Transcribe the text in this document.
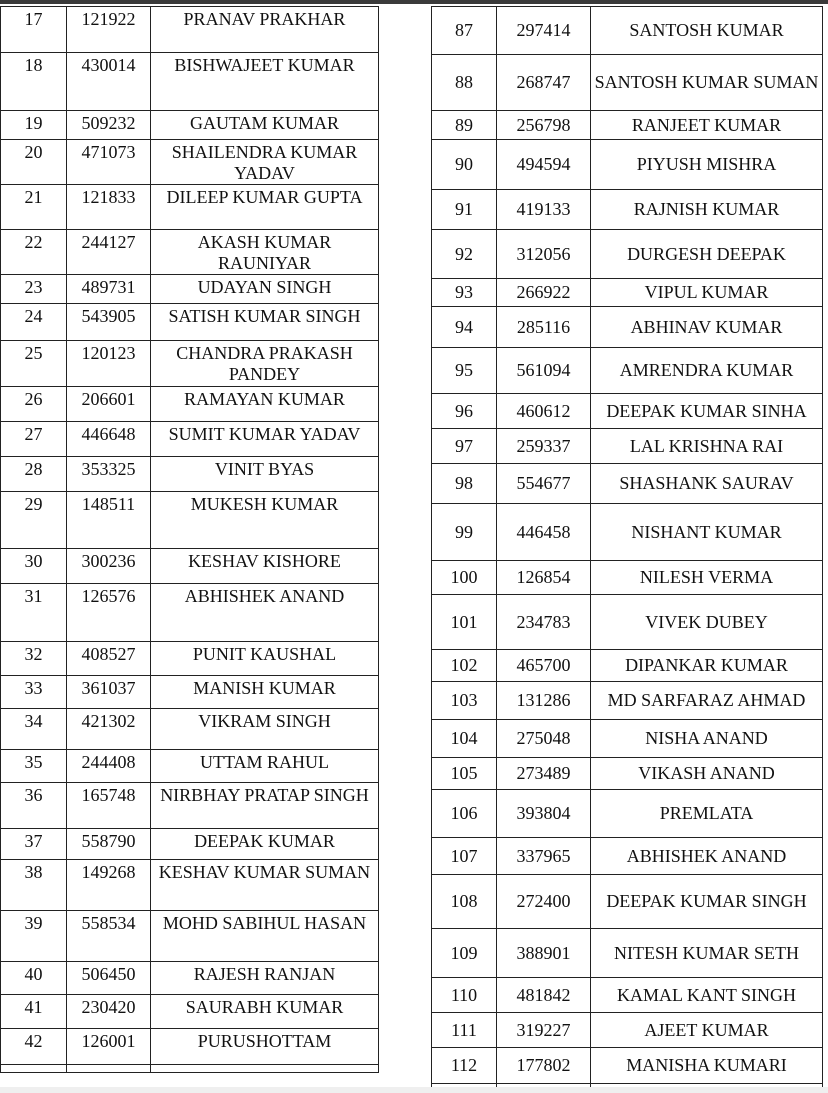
17	121922	PRANAV PRAKHAR
18	430014	BISHWAJEET KUMAR
19	509232	GAUTAM KUMAR
20	471073	SHAILENDRA KUMAR YADAV
21	121833	DILEEP KUMAR GUPTA
22	244127	AKASH KUMAR RAUNIYAR
23	489731	UDAYAN SINGH
24	543905	SATISH KUMAR SINGH
25	120123	CHANDRA PRAKASH PANDEY
26	206601	RAMAYAN KUMAR
27	446648	SUMIT KUMAR YADAV
28	353325	VINIT BYAS
29	148511	MUKESH KUMAR
30	300236	KESHAV KISHORE
31	126576	ABHISHEK ANAND
32	408527	PUNIT KAUSHAL
33	361037	MANISH KUMAR
34	421302	VIKRAM SINGH
35	244408	UTTAM RAHUL
36	165748	NIRBHAY PRATAP SINGH
37	558790	DEEPAK KUMAR
38	149268	KESHAV KUMAR SUMAN
39	558534	MOHD SABIHUL HASAN
40	506450	RAJESH RANJAN
41	230420	SAURABH KUMAR
42	126001	PURUSHOTTAM

87	297414	SANTOSH KUMAR
88	268747	SANTOSH KUMAR SUMAN
89	256798	RANJEET KUMAR
90	494594	PIYUSH MISHRA
91	419133	RAJNISH KUMAR
92	312056	DURGESH DEEPAK
93	266922	VIPUL KUMAR
94	285116	ABHINAV KUMAR
95	561094	AMRENDRA KUMAR
96	460612	DEEPAK KUMAR SINHA
97	259337	LAL KRISHNA RAI
98	554677	SHASHANK SAURAV
99	446458	NISHANT KUMAR
100	126854	NILESH VERMA
101	234783	VIVEK DUBEY
102	465700	DIPANKAR KUMAR
103	131286	MD SARFARAZ AHMAD
104	275048	NISHA ANAND
105	273489	VIKASH ANAND
106	393804	PREMLATA
107	337965	ABHISHEK ANAND
108	272400	DEEPAK KUMAR SINGH
109	388901	NITESH KUMAR SETH
110	481842	KAMAL KANT SINGH
111	319227	AJEET KUMAR
112	177802	MANISHA KUMARI
